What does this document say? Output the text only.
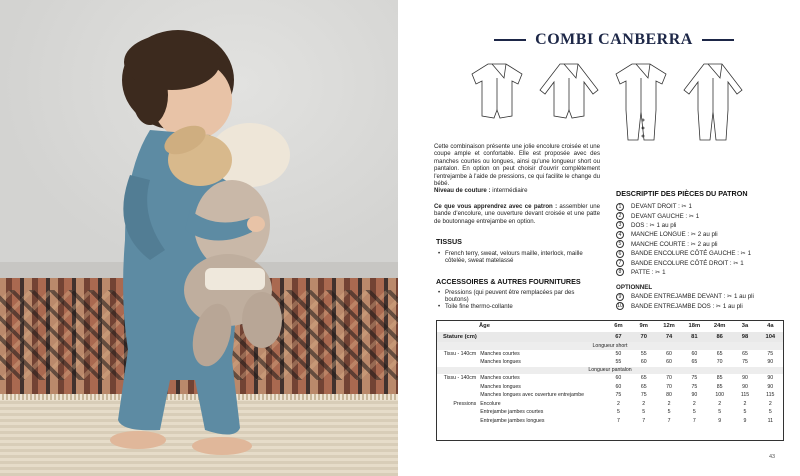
COMBI CANBERRA

Cette combinaison présente une jolie encolure croisée et une coupe ample et confortable. Elle est proposée avec des manches courtes ou longues, ainsi qu'une longueur short ou pantalon. En option on peut choisir d'ouvrir complètement l'entrejambe à l'aide de pressions, ce qui facilite le change du bébé.

Niveau de couture : intermédiaire

Ce que vous apprendrez avec ce patron : assembler une bande d'encolure, une ouverture devant croisée et une patte de boutonnage entrejambe en option.
TISSUS
• French terry, sweat, velours maille, interlock, maille côtelée, sweat matelassé
ACCESSOIRES & AUTRES FOURNITURES
• Pressions (qui peuvent être remplacées par des boutons)
• Toile fine thermo-collante
DESCRIPTIF DES PIÈCES DU PATRON
1	DEVANT DROIT : ✂ 1
2	DEVANT GAUCHE : ✂ 1
3	DOS : ✂ 1 au pli
4	MANCHE LONGUE : ✂ 2 au pli
5	MANCHE COURTE : ✂ 2 au pli
6	BANDE ENCOLURE CÔTÉ GAUCHE : ✂ 1
7	BANDE ENCOLURE CÔTÉ DROIT : ✂ 1
8	PATTE : ✂ 1
OPTIONNEL
9	BANDE ENTREJAMBE DEVANT : ✂ 1 au pli
10 BANDE ENTREJAMBE DOS : ✂ 1 au pli
Âge		6m	9m	12m	18m	24m	3a	4a
Stature (cm)		67	70	74	81	86	98	104
Longueur short								
Tissu - 140cm	Manches courtes	50	55	60	60	65	65	75
	Manches longues	55	60	60	65	70	75	90
Longueur pantalon								
Tissu - 140cm	Manches courtes	60	65	70	75	85	90	90
	Manches longues	60	65	70	75	85	90	90
	Manches longues avec ouverture entrejambe	75	75	80	90	100	115	115
Pressions	Encolure	2	2	2	2	2	2	2
	Entrejambe jambes courtes	5	5	5	5	5	5	5
	Entrejambe jambes longues	7	7	7	7	9	9	11
43
